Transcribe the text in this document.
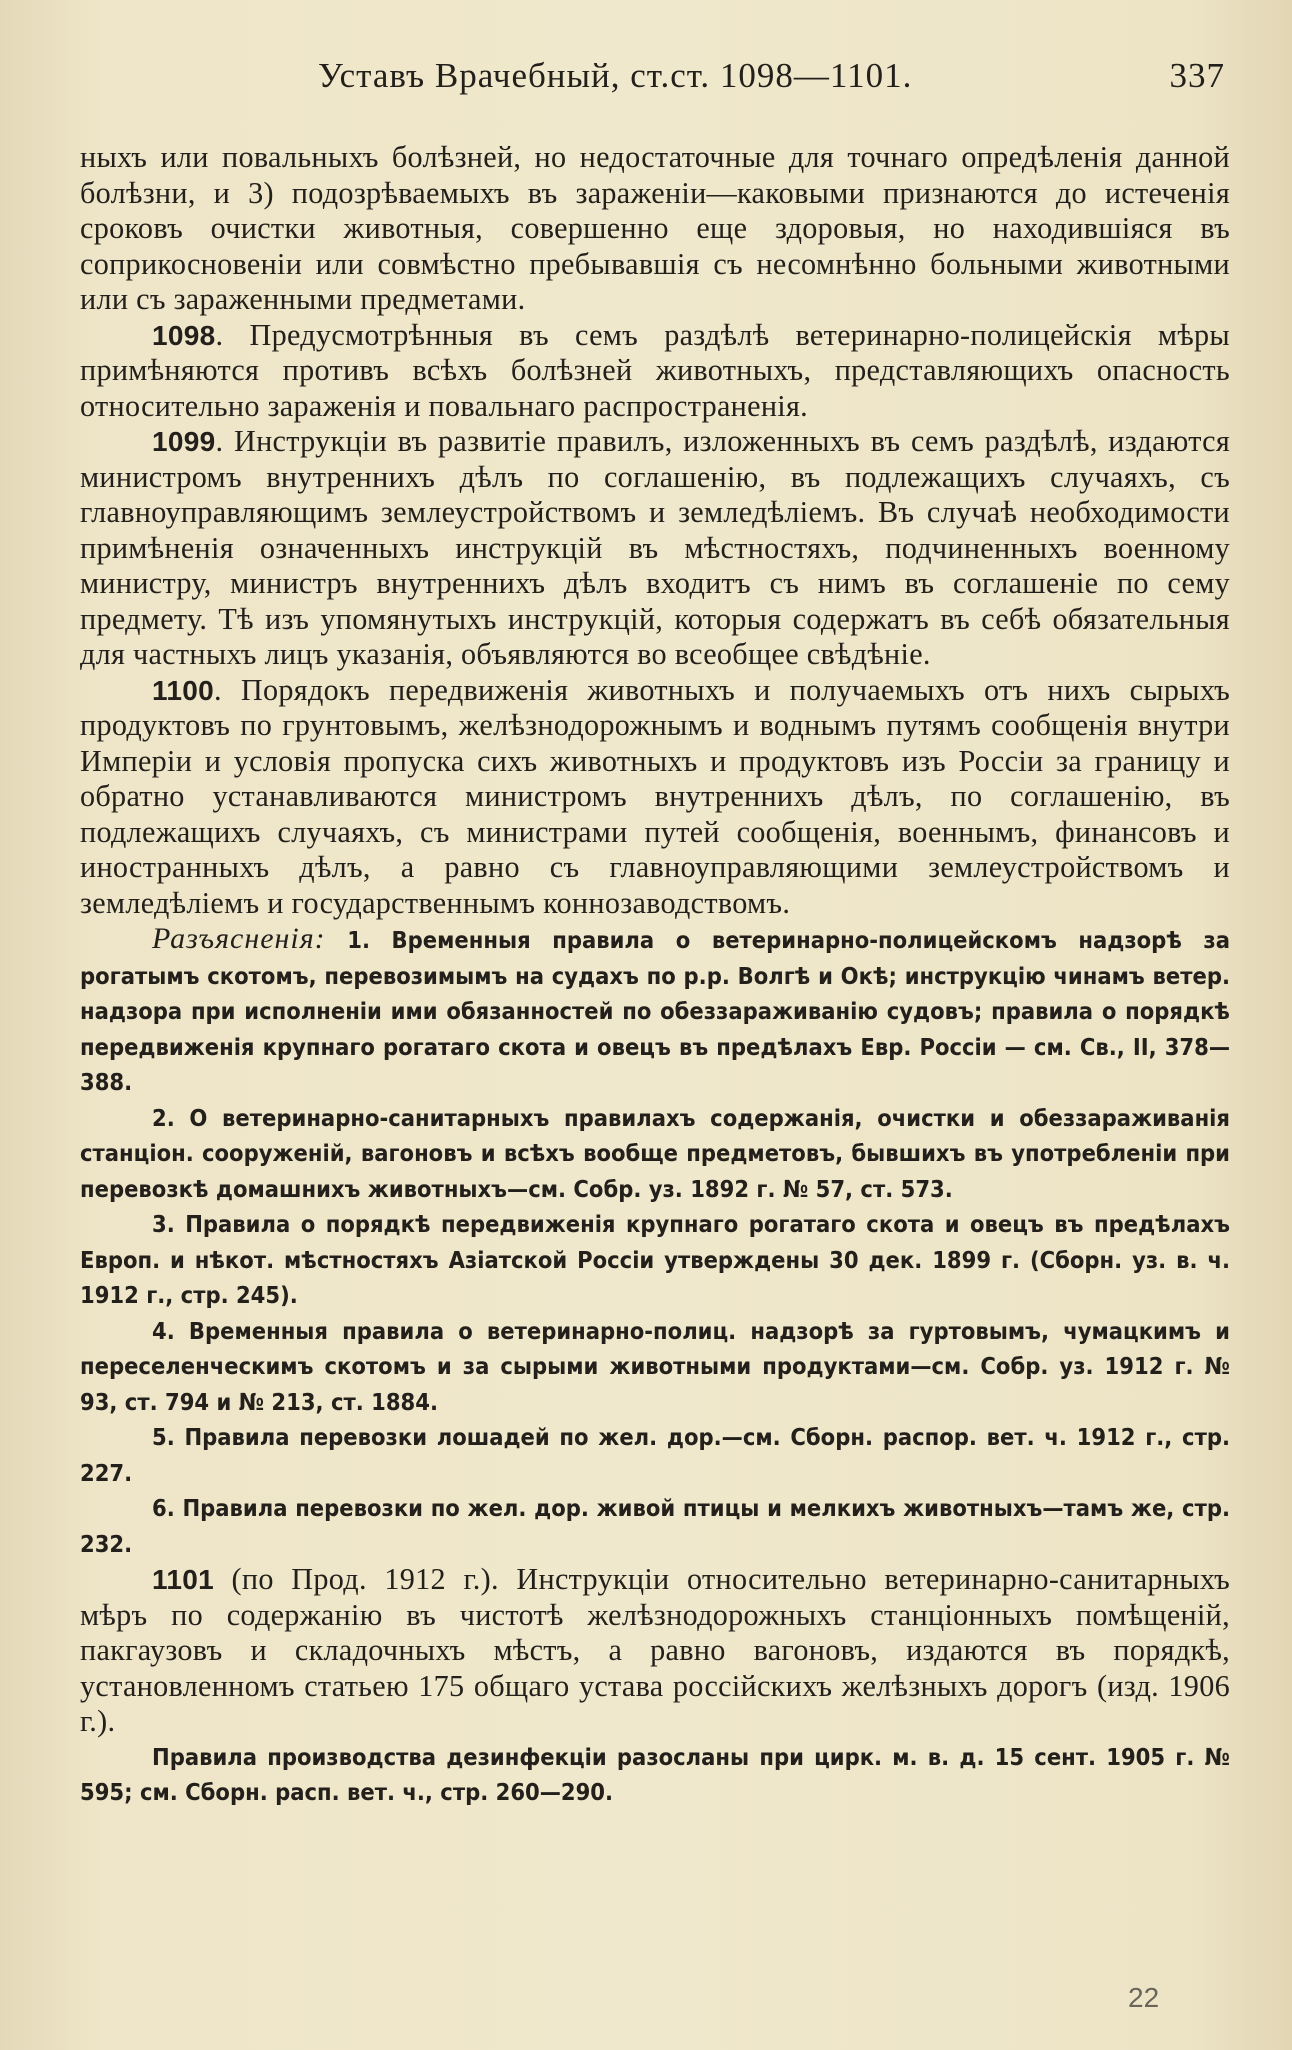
Уставъ Врачебный, ст.ст. 1098—1101.	337

ныхъ или повальныхъ болѣзней, но недостаточные для точнаго опредѣленія данной болѣзни, и 3) подозрѣваемыхъ въ зараженіи—каковыми признаются до истеченія сроковъ очистки животныя, совершенно еще здоровыя, но находившіяся въ соприкосновеніи или совмѣстно пребывавшія съ несомнѣнно больными животными или съ зараженными предметами.

1098. Предусмотрѣнныя въ семъ раздѣлѣ ветеринарно-полицейскія мѣры примѣняются противъ всѣхъ болѣзней животныхъ, представляющихъ опасность относительно зараженія и повальнаго распространенія.

1099. Инструкціи въ развитіе правилъ, изложенныхъ въ семъ раздѣлѣ, издаются министромъ внутреннихъ дѣлъ по соглашенію, въ подлежащихъ случаяхъ, съ главноуправляющимъ землеустройствомъ и земледѣліемъ. Въ случаѣ необходимости примѣненія означенныхъ инструкцій въ мѣстностяхъ, подчиненныхъ военному министру, министръ внутреннихъ дѣлъ входитъ съ нимъ въ соглашеніе по сему предмету. Тѣ изъ упомянутыхъ инструкцій, которыя содержатъ въ себѣ обязательныя для частныхъ лицъ указанія, объявляются во всеобщее свѣдѣніе.

1100. Порядокъ передвиженія животныхъ и получаемыхъ отъ нихъ сырыхъ продуктовъ по грунтовымъ, желѣзнодорожнымъ и воднымъ путямъ сообщенія внутри Имперіи и условія пропуска сихъ животныхъ и продуктовъ изъ Россіи за границу и обратно устанавливаются министромъ внутреннихъ дѣлъ, по соглашенію, въ подлежащихъ случаяхъ, съ министрами путей сообщенія, военнымъ, финансовъ и иностранныхъ дѣлъ, а равно съ главноуправляющими землеустройствомъ и земледѣліемъ и государственнымъ коннозаводствомъ.

Разъясненія: 1. Временныя правила о ветеринарно-полицейскомъ надзорѣ за рогатымъ скотомъ, перевозимымъ на судахъ по р.р. Волгѣ и Окѣ; инструкцію чинамъ ветер. надзора при исполненіи ими обязанностей по обеззараживанію судовъ; правила о порядкѣ передвиженія крупнаго рогатаго скота и овецъ въ предѣлахъ Евр. Россіи — см. Св., II, 378—388.

2. О ветеринарно-санитарныхъ правилахъ содержанія, очистки и обеззараживанія станціон. сооруженій, вагоновъ и всѣхъ вообще предметовъ, бывшихъ въ употребленіи при перевозкѣ домашнихъ животныхъ—см. Собр. уз. 1892 г. № 57, ст. 573.

3. Правила о порядкѣ передвиженія крупнаго рогатаго скота и овецъ въ предѣлахъ Европ. и нѣкот. мѣстностяхъ Азіатской Россіи утверждены 30 дек. 1899 г. (Сборн. уз. в. ч. 1912 г., стр. 245).

4. Временныя правила о ветеринарно-полиц. надзорѣ за гуртовымъ, чумацкимъ и переселенческимъ скотомъ и за сырыми животными продуктами—см. Собр. уз. 1912 г. № 93, ст. 794 и № 213, ст. 1884.

5. Правила перевозки лошадей по жел. дор.—см. Сборн. распор. вет. ч. 1912 г., стр. 227.

6. Правила перевозки по жел. дор. живой птицы и мелкихъ животныхъ—тамъ же, стр. 232.

1101 (по Прод. 1912 г.). Инструкціи относительно ветеринарно-санитарныхъ мѣръ по содержанію въ чистотѣ желѣзнодорожныхъ станціонныхъ помѣщеній, пакгаузовъ и складочныхъ мѣстъ, а равно вагоновъ, издаются въ порядкѣ, установленномъ статьею 175 общаго устава россійскихъ желѣзныхъ дорогъ (изд. 1906 г.).

Правила производства дезинфекціи разосланы при цирк. м. в. д. 15 сент. 1905 г. № 595; см. Сборн. расп. вет. ч., стр. 260—290.

22
